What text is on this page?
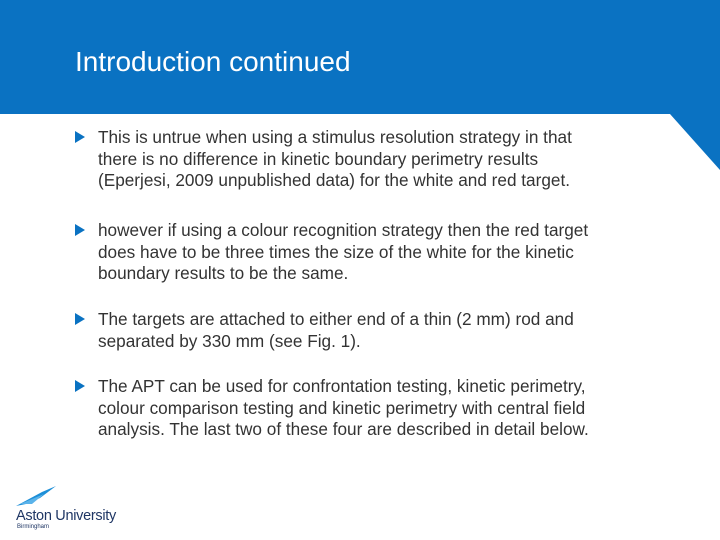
Introduction continued
This is untrue when using a stimulus resolution strategy in that
there is no difference in kinetic boundary perimetry results
(Eperjesi, 2009 unpublished data) for the white and red target.
however if using a colour recognition strategy then the red target
does have to be three times the size of the white for the kinetic
boundary results to be the same.
The targets are attached to either end of a thin (2 mm) rod and
separated by 330 mm (see Fig. 1).
The APT can be used for confrontation testing, kinetic perimetry,
colour comparison testing and kinetic perimetry with central field
analysis. The last two of these four are described in detail below.
Aston University
Birmingham
